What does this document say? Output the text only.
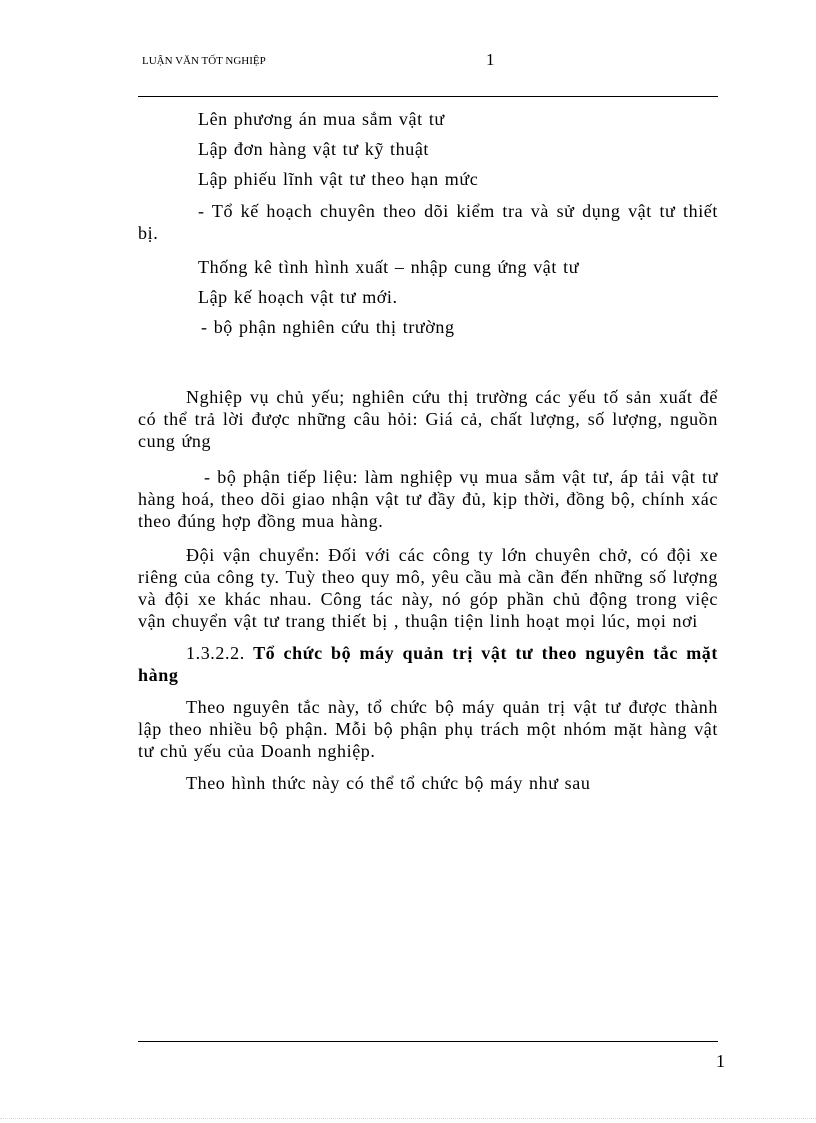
LUẬN VĂN TỐT NGHIỆP	1

Lên phương án mua sắm vật tư

Lập đơn hàng vật tư kỹ thuật

Lập phiếu lĩnh vật tư theo hạn mức

- Tổ kế hoạch chuyên theo dõi kiểm tra và sử dụng vật tư thiết bị.

Thống kê tình hình xuất – nhập cung ứng vật tư

Lập kế hoạch vật tư mới.

- bộ phận nghiên cứu thị trường

Nghiệp vụ chủ yếu; nghiên cứu thị trường các yếu tố sản xuất để có thể trả lời được những câu hỏi: Giá cả, chất lượng, số lượng, nguồn cung ứng

- bộ phận tiếp liệu: làm nghiệp vụ mua sắm vật tư, áp tải vật tư hàng hoá, theo dõi giao nhận vật tư đầy đủ, kịp thời, đồng bộ, chính xác theo đúng hợp đồng mua hàng.

Đội vận chuyển: Đối với các công ty lớn chuyên chở, có đội xe riêng của công ty. Tuỳ theo quy mô, yêu cầu mà cần đến những số lượng và đội xe khác nhau. Công tác này, nó góp phần chủ động trong việc vận chuyển vật tư trang thiết bị , thuận tiện linh hoạt mọi lúc, mọi nơi

1.3.2.2. Tổ chức bộ máy quản trị vật tư theo nguyên tắc mặt hàng

Theo nguyên tắc này, tổ chức bộ máy quản trị vật tư được thành lập theo nhiều bộ phận. Mỗi bộ phận phụ trách một nhóm mặt hàng vật tư chủ yếu của Doanh nghiệp.

Theo hình thức này có thể tổ chức bộ máy như sau

1
